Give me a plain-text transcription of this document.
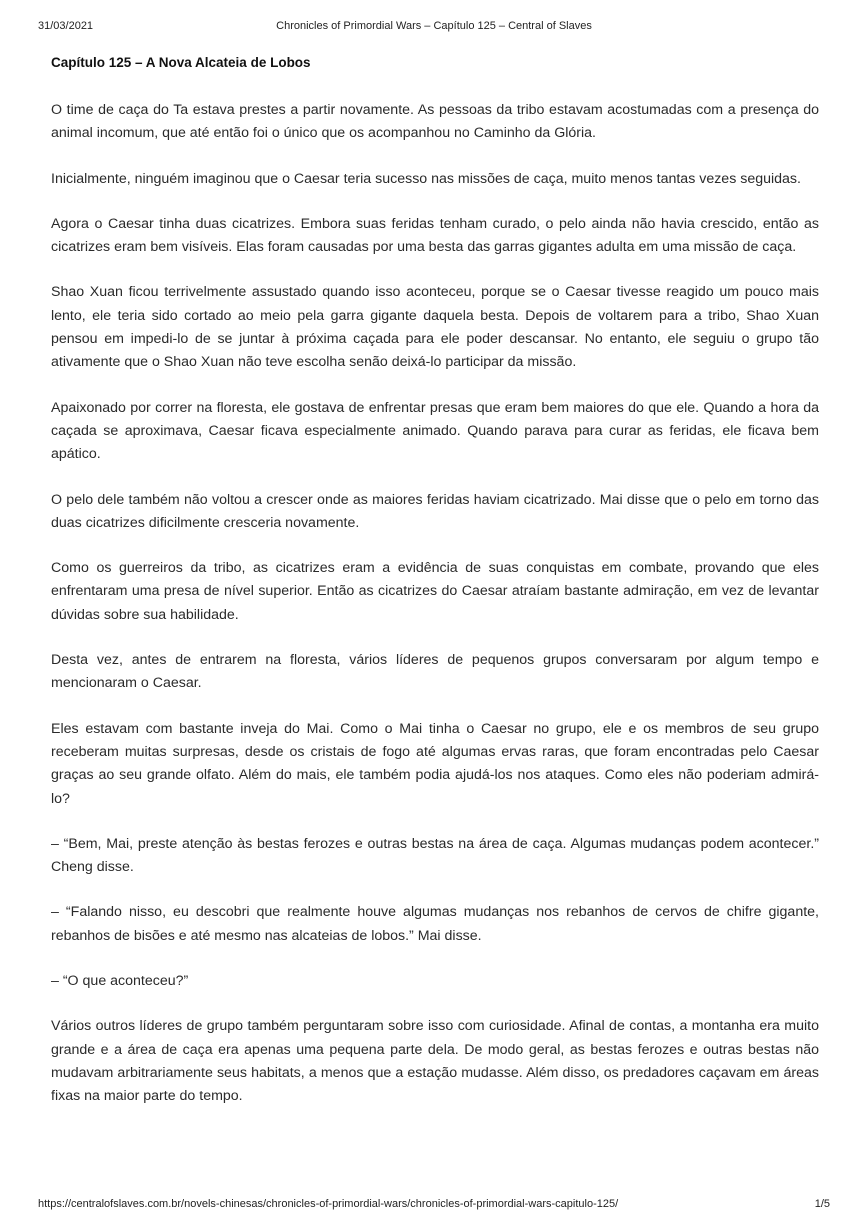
31/03/2021	Chronicles of Primordial Wars – Capítulo 125 – Central of Slaves
Capítulo 125 – A Nova Alcateia de Lobos

O time de caça do Ta estava prestes a partir novamente. As pessoas da tribo estavam acostumadas com a presença do animal incomum, que até então foi o único que os acompanhou no Caminho da Glória.

Inicialmente, ninguém imaginou que o Caesar teria sucesso nas missões de caça, muito menos tantas vezes seguidas.

Agora o Caesar tinha duas cicatrizes. Embora suas feridas tenham curado, o pelo ainda não havia crescido, então as cicatrizes eram bem visíveis. Elas foram causadas por uma besta das garras gigantes adulta em uma missão de caça.

Shao Xuan ficou terrivelmente assustado quando isso aconteceu, porque se o Caesar tivesse reagido um pouco mais lento, ele teria sido cortado ao meio pela garra gigante daquela besta. Depois de voltarem para a tribo, Shao Xuan pensou em impedi-lo de se juntar à próxima caçada para ele poder descansar. No entanto, ele seguiu o grupo tão ativamente que o Shao Xuan não teve escolha senão deixá-lo participar da missão.

Apaixonado por correr na floresta, ele gostava de enfrentar presas que eram bem maiores do que ele. Quando a hora da caçada se aproximava, Caesar ficava especialmente animado. Quando parava para curar as feridas, ele ficava bem apático.

O pelo dele também não voltou a crescer onde as maiores feridas haviam cicatrizado. Mai disse que o pelo em torno das duas cicatrizes dificilmente cresceria novamente.

Como os guerreiros da tribo, as cicatrizes eram a evidência de suas conquistas em combate, provando que eles enfrentaram uma presa de nível superior. Então as cicatrizes do Caesar atraíam bastante admiração, em vez de levantar dúvidas sobre sua habilidade.

Desta vez, antes de entrarem na floresta, vários líderes de pequenos grupos conversaram por algum tempo e mencionaram o Caesar.

Eles estavam com bastante inveja do Mai. Como o Mai tinha o Caesar no grupo, ele e os membros de seu grupo receberam muitas surpresas, desde os cristais de fogo até algumas ervas raras, que foram encontradas pelo Caesar graças ao seu grande olfato. Além do mais, ele também podia ajudá-los nos ataques. Como eles não poderiam admirá-lo?

– “Bem, Mai, preste atenção às bestas ferozes e outras bestas na área de caça. Algumas mudanças podem acontecer.” Cheng disse.

– “Falando nisso, eu descobri que realmente houve algumas mudanças nos rebanhos de cervos de chifre gigante, rebanhos de bisões e até mesmo nas alcateias de lobos.” Mai disse.

– “O que aconteceu?”

Vários outros líderes de grupo também perguntaram sobre isso com curiosidade. Afinal de contas, a montanha era muito grande e a área de caça era apenas uma pequena parte dela. De modo geral, as bestas ferozes e outras bestas não mudavam arbitrariamente seus habitats, a menos que a estação mudasse. Além disso, os predadores caçavam em áreas fixas na maior parte do tempo.

https://centralofslaves.com.br/novels-chinesas/chronicles-of-primordial-wars/chronicles-of-primordial-wars-capitulo-125/	1/5
